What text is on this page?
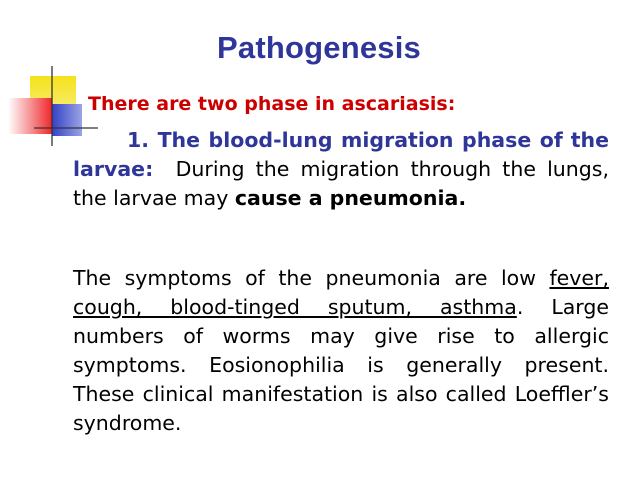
Pathogenesis
There are two phase in ascariasis:
1. The blood-lung migration phase of the larvae: During the migration through the lungs, the larvae may cause a pneumonia.
The symptoms of the pneumonia are low fever, cough, blood-tinged sputum, asthma. Large numbers of worms may give rise to allergic symptoms. Eosionophilia is generally present. These clinical manifestation is also called Loeffler’s syndrome.
